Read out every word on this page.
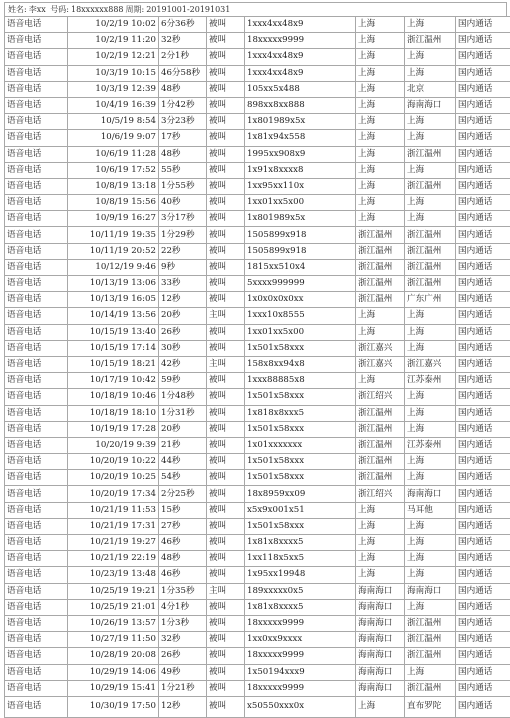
姓名: 李xx 号码: 18xxxxxx888 周期: 20191001-20191031
语音电话	10/2/19 10:02	6分36秒	被叫	1xxx4xx48x9	上海	上海	国内通话
语音电话	10/2/19 11:20	32秒	被叫	18xxxxx9999	上海	浙江温州	国内通话
语音电话	10/2/19 12:21	2分1秒	被叫	1xxx4xx48x9	上海	上海	国内通话
语音电话	10/3/19 10:15	46分58秒	被叫	1xxx4xx48x9	上海	上海	国内通话
语音电话	10/3/19 12:39	48秒	被叫	105xx5x488	上海	北京	国内通话
语音电话	10/4/19 16:39	1分42秒	被叫	898xx8xx888	上海	海南海口	国内通话
语音电话	10/5/19 8:54	3分23秒	被叫	1x801989x5x	上海	上海	国内通话
语音电话	10/6/19 9:07	17秒	被叫	1x81x94x558	上海	上海	国内通话
语音电话	10/6/19 11:28	48秒	被叫	1995xx908x9	上海	浙江温州	国内通话
语音电话	10/6/19 17:52	55秒	被叫	1x91x8xxxx8	上海	上海	国内通话
语音电话	10/8/19 13:18	1分55秒	被叫	1xx95xx110x	上海	浙江温州	国内通话
语音电话	10/8/19 15:56	40秒	被叫	1xx01xx5x00	上海	上海	国内通话
语音电话	10/9/19 16:27	3分17秒	被叫	1x801989x5x	上海	上海	国内通话
语音电话	10/11/19 19:35	1分29秒	被叫	1505899x918	浙江温州	浙江温州	国内通话
语音电话	10/11/19 20:52	22秒	被叫	1505899x918	浙江温州	浙江温州	国内通话
语音电话	10/12/19 9:46	9秒	被叫	1815xx510x4	浙江温州	浙江温州	国内通话
语音电话	10/13/19 13:06	33秒	被叫	5xxxx999999	浙江温州	浙江温州	国内通话
语音电话	10/13/19 16:05	12秒	被叫	1x0x0x0x0xx	浙江温州	广东广州	国内通话
语音电话	10/14/19 13:56	20秒	主叫	1xxx10x8555	上海	上海	国内通话
语音电话	10/15/19 13:40	26秒	被叫	1xx01xx5x00	上海	上海	国内通话
语音电话	10/15/19 17:14	30秒	被叫	1x501x58xxx	浙江嘉兴	上海	国内通话
语音电话	10/15/19 18:21	42秒	主叫	158x8xx94x8	浙江嘉兴	浙江嘉兴	国内通话
语音电话	10/17/19 10:42	59秒	被叫	1xxx88885x8	上海	江苏泰州	国内通话
语音电话	10/18/19 10:46	1分48秒	被叫	1x501x58xxx	浙江绍兴	上海	国内通话
语音电话	10/18/19 18:10	1分31秒	被叫	1x818x8xxx5	浙江温州	上海	国内通话
语音电话	10/19/19 17:28	20秒	被叫	1x501x58xxx	浙江温州	上海	国内通话
语音电话	10/20/19 9:39	21秒	被叫	1x01xxxxxxx	浙江温州	江苏泰州	国内通话
语音电话	10/20/19 10:22	44秒	被叫	1x501x58xxx	浙江温州	上海	国内通话
语音电话	10/20/19 10:25	54秒	被叫	1x501x58xxx	浙江温州	上海	国内通话
语音电话	10/20/19 17:34	2分25秒	被叫	18x8959xx09	浙江绍兴	海南海口	国内通话
语音电话	10/21/19 11:53	15秒	被叫	x5x9x001x51	上海	马耳他	国内通话
语音电话	10/21/19 17:31	27秒	被叫	1x501x58xxx	上海	上海	国内通话
语音电话	10/21/19 19:27	46秒	被叫	1x81x8xxxx5	上海	上海	国内通话
语音电话	10/21/19 22:19	48秒	被叫	1xx118x5xx5	上海	上海	国内通话
语音电话	10/23/19 13:48	46秒	被叫	1x95xx19948	上海	上海	国内通话
语音电话	10/25/19 19:21	1分35秒	主叫	189xxxxx0x5	海南海口	海南海口	国内通话
语音电话	10/25/19 21:01	4分1秒	被叫	1x81x8xxxx5	海南海口	上海	国内通话
语音电话	10/26/19 13:57	1分3秒	被叫	18xxxxx9999	海南海口	浙江温州	国内通话
语音电话	10/27/19 11:50	32秒	被叫	1xx0xx9xxxx	海南海口	浙江温州	国内通话
语音电话	10/28/19 20:08	26秒	被叫	18xxxxx9999	海南海口	浙江温州	国内通话
语音电话	10/29/19 14:06	49秒	被叫	1x50194xxx9	海南海口	上海	国内通话
语音电话	10/29/19 15:41	1分21秒	被叫	18xxxxx9999	海南海口	浙江温州	国内通话
语音电话	10/30/19 17:50	12秒	被叫	x50550xxx0x	上海	直布罗陀	国内通话
